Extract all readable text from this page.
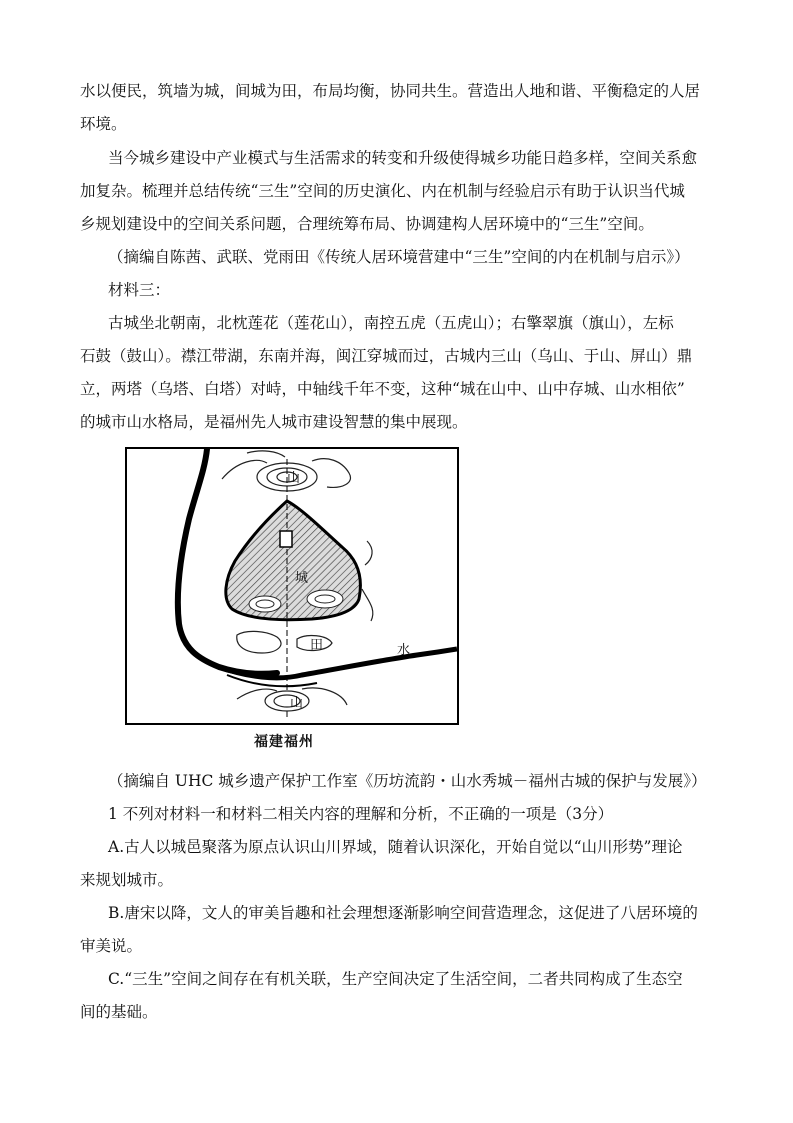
水以便民，筑墙为城，间城为田，布局均衡，协同共生。营造出人地和谐、平衡稳定的人居
环境。
当今城乡建设中产业模式与生活需求的转变和升级使得城乡功能日趋多样，空间关系愈
加复杂。梳理并总结传统“三生”空间的历史演化、内在机制与经验启示有助于认识当代城
乡规划建设中的空间关系问题，合理统筹布局、协调建构人居环境中的“三生”空间。
（摘编自陈茜、武联、党雨田《传统人居环境营建中“三生”空间的内在机制与启示》）
材料三：
古城坐北朝南，北枕莲花（莲花山），南控五虎（五虎山）；右擎翠旗（旗山），左标
石鼓（鼓山）。襟江带湖，东南并海，闽江穿城而过，古城内三山（乌山、于山、屏山）鼎
立，两塔（乌塔、白塔）对峙，中轴线千年不变，这种“城在山中、山中存城、山水相依”
的城市山水格局，是福州先人城市建设智慧的集中展现。
山
城
田	水
山
福建福州
（摘编自 UHC 城乡遗产保护工作室《历坊流韵・山水秀城－福州古城的保护与发展》）
1 不列对材料一和材料二相关内容的理解和分析，不正确的一项是（3分）
A.古人以城邑聚落为原点认识山川界域，随着认识深化，开始自觉以“山川形势”理论
来规划城市。
B.唐宋以降，文人的审美旨趣和社会理想逐渐影响空间营造理念，这促进了八居环境的
审美说。
C.“三生”空间之间存在有机关联，生产空间决定了生活空间，二者共同构成了生态空
间的基础。
